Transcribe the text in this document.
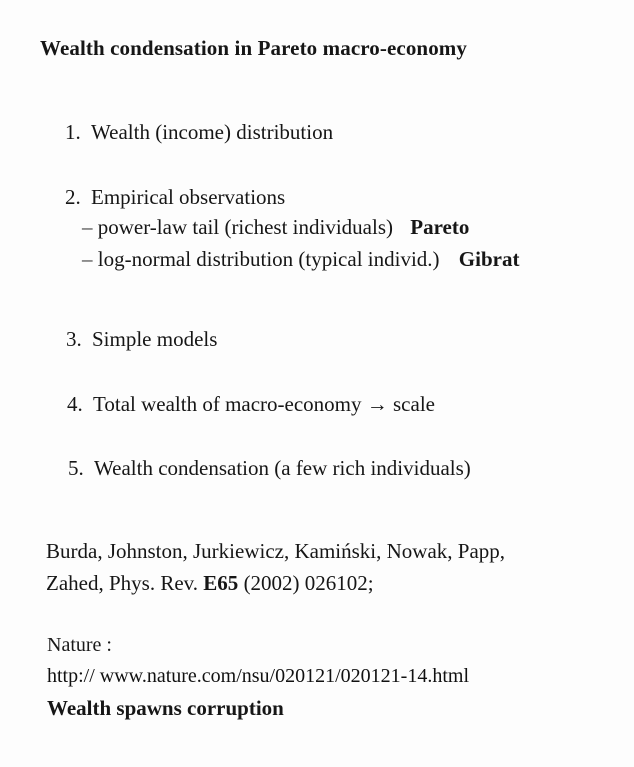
Wealth condensation in Pareto macro-economy
1. Wealth (income) distribution
2. Empirical observations
– power-law tail (richest individuals) Pareto
– log-normal distribution (typical individ.) Gibrat
3. Simple models
4. Total wealth of macro-economy → scale
5. Wealth condensation (a few rich individuals)
Burda, Johnston, Jurkiewicz, Kamiński, Nowak, Papp,
Zahed, Phys. Rev. E65 (2002) 026102;
Nature :
http:// www.nature.com/nsu/020121/020121-14.html
Wealth spawns corruption
